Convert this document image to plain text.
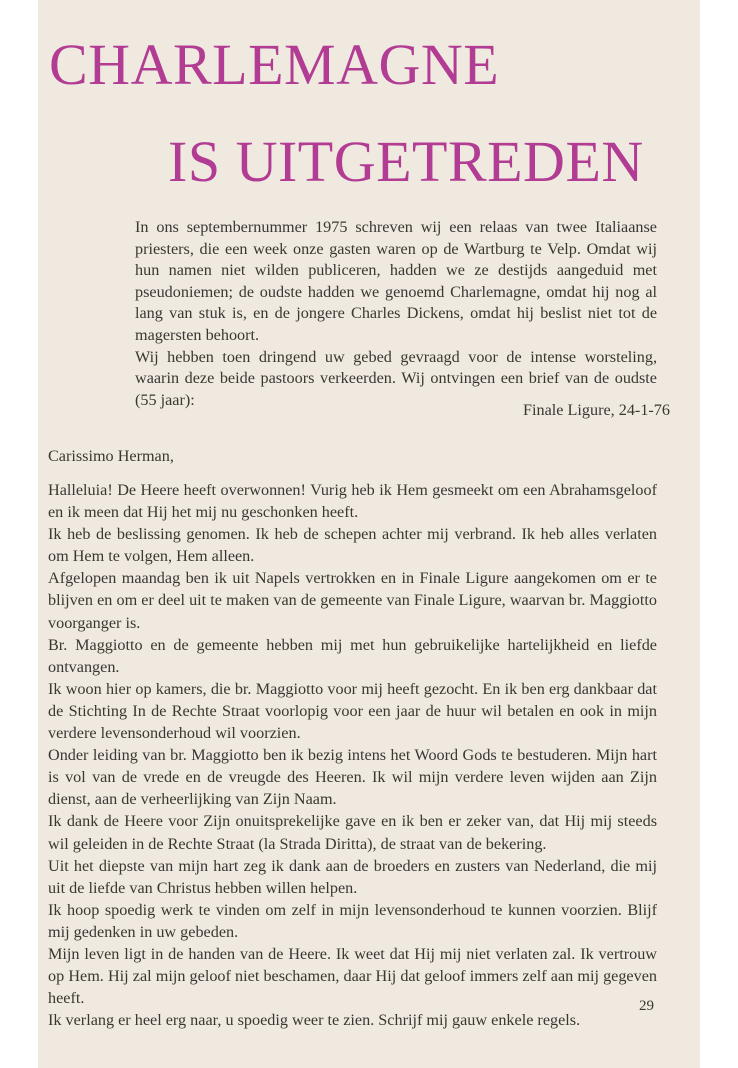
CHARLEMAGNE
IS UITGETREDEN

In ons septembernummer 1975 schreven wij een relaas van twee Italiaanse priesters, die een week onze gasten waren op de Wartburg te Velp. Omdat wij hun namen niet wilden publiceren, hadden we ze destijds aangeduid met pseudoniemen; de oudste hadden we genoemd Charlemagne, omdat hij nog al lang van stuk is, en de jongere Charles Dickens, omdat hij beslist niet tot de magersten behoort.

Wij hebben toen dringend uw gebed gevraagd voor de intense worsteling, waarin deze beide pastoors verkeerden. Wij ontvingen een brief van de oudste (55 jaar):

Finale Ligure, 24-1-76
Carissimo Herman,

Halleluia! De Heere heeft overwonnen! Vurig heb ik Hem gesmeekt om een Abrahamsgeloof en ik meen dat Hij het mij nu geschonken heeft.

Ik heb de beslissing genomen. Ik heb de schepen achter mij verbrand. Ik heb alles verlaten om Hem te volgen, Hem alleen.

Afgelopen maandag ben ik uit Napels vertrokken en in Finale Ligure aangekomen om er te blijven en om er deel uit te maken van de gemeente van Finale Ligure, waarvan br. Maggiotto voorganger is.

Br. Maggiotto en de gemeente hebben mij met hun gebruikelijke hartelijkheid en liefde ontvangen.

Ik woon hier op kamers, die br. Maggiotto voor mij heeft gezocht. En ik ben erg dankbaar dat de Stichting In de Rechte Straat voorlopig voor een jaar de huur wil betalen en ook in mijn verdere levensonderhoud wil voorzien.

Onder leiding van br. Maggiotto ben ik bezig intens het Woord Gods te bestuderen. Mijn hart is vol van de vrede en de vreugde des Heeren. Ik wil mijn verdere leven wijden aan Zijn dienst, aan de verheerlijking van Zijn Naam.

Ik dank de Heere voor Zijn onuitsprekelijke gave en ik ben er zeker van, dat Hij mij steeds wil geleiden in de Rechte Straat (la Strada Diritta), de straat van de bekering.

Uit het diepste van mijn hart zeg ik dank aan de broeders en zusters van Nederland, die mij uit de liefde van Christus hebben willen helpen.

Ik hoop spoedig werk te vinden om zelf in mijn levensonderhoud te kunnen voorzien. Blijf mij gedenken in uw gebeden.

Mijn leven ligt in de handen van de Heere. Ik weet dat Hij mij niet verlaten zal. Ik vertrouw op Hem. Hij zal mijn geloof niet beschamen, daar Hij dat geloof immers zelf aan mij gegeven heeft.

Ik verlang er heel erg naar, u spoedig weer te zien. Schrijf mij gauw enkele regels.

29
